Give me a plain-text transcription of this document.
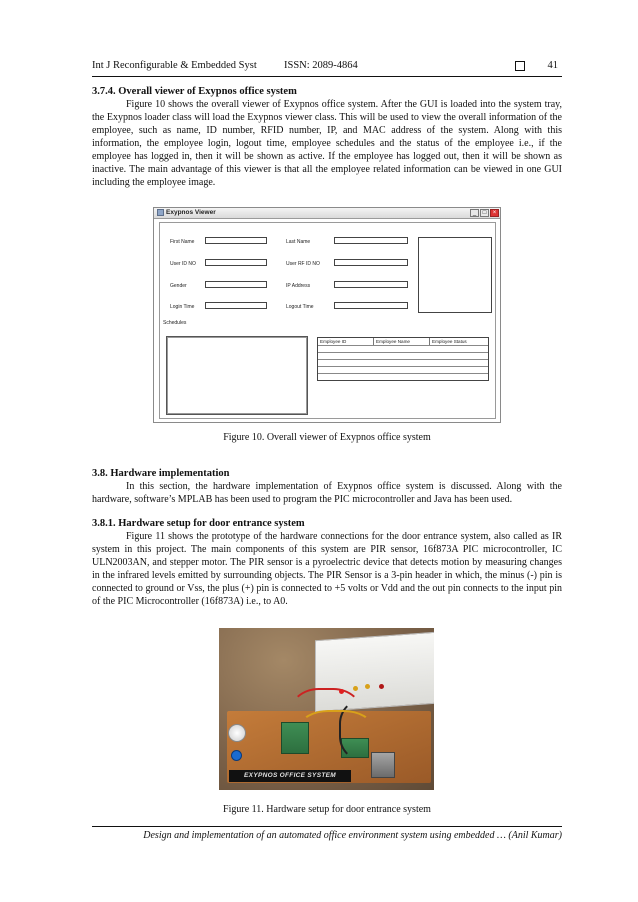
Int J Reconfigurable & Embedded Syst	ISSN: 2089-4864	41
3.7.4. Overall viewer of Exypnos office system

Figure 10 shows the overall viewer of Exypnos office system. After the GUI is loaded into the system tray, the Exypnos loader class will load the Exypnos viewer class. This will be used to view the overall information of the employee, such as name, ID number, RFID number, IP, and MAC address of the system. Along with this information, the employee login, logout time, employee schedules and the status of the employee i.e., if the employee has logged in, then it will be shown as active. If the employee has logged out, then it will be shown as inactive. The main advantage of this viewer is that all the employee related information can be viewed in one GUI including the employee image.

Exypnos Viewer	_	□	×
First Name	Last Name
User ID NO	User RF ID NO
Gender	IP Address
Login Time	Logout Time
Schedules
Employee ID	Employee Name	Employee Status
Figure 10. Overall viewer of Exypnos office system
3.8. Hardware implementation

In this section, the hardware implementation of Exypnos office system is discussed. Along with the hardware, software’s MPLAB has been used to program the PIC microcontroller and Java has been used.

3.8.1. Hardware setup for door entrance system

Figure 11 shows the prototype of the hardware connections for the door entrance system, also called as IR system in this project. The main components of this system are PIR sensor, 16f873A PIC microcontroller, IC ULN2003AN, and stepper motor. The PIR sensor is a pyroelectric device that detects motion by measuring changes in the infrared levels emitted by surrounding objects. The PIR Sensor is a 3-pin header in which, the minus (-) pin is connected to ground or Vss, the plus (+) pin is connected to +5 volts or Vdd and the out pin connects to the input pin of the PIC Microcontroller (16f873A) i.e., to A0.

EXYPNOS OFFICE SYSTEM
Figure 11. Hardware setup for door entrance system
Design and implementation of an automated office environment system using embedded … (Anil Kumar)
